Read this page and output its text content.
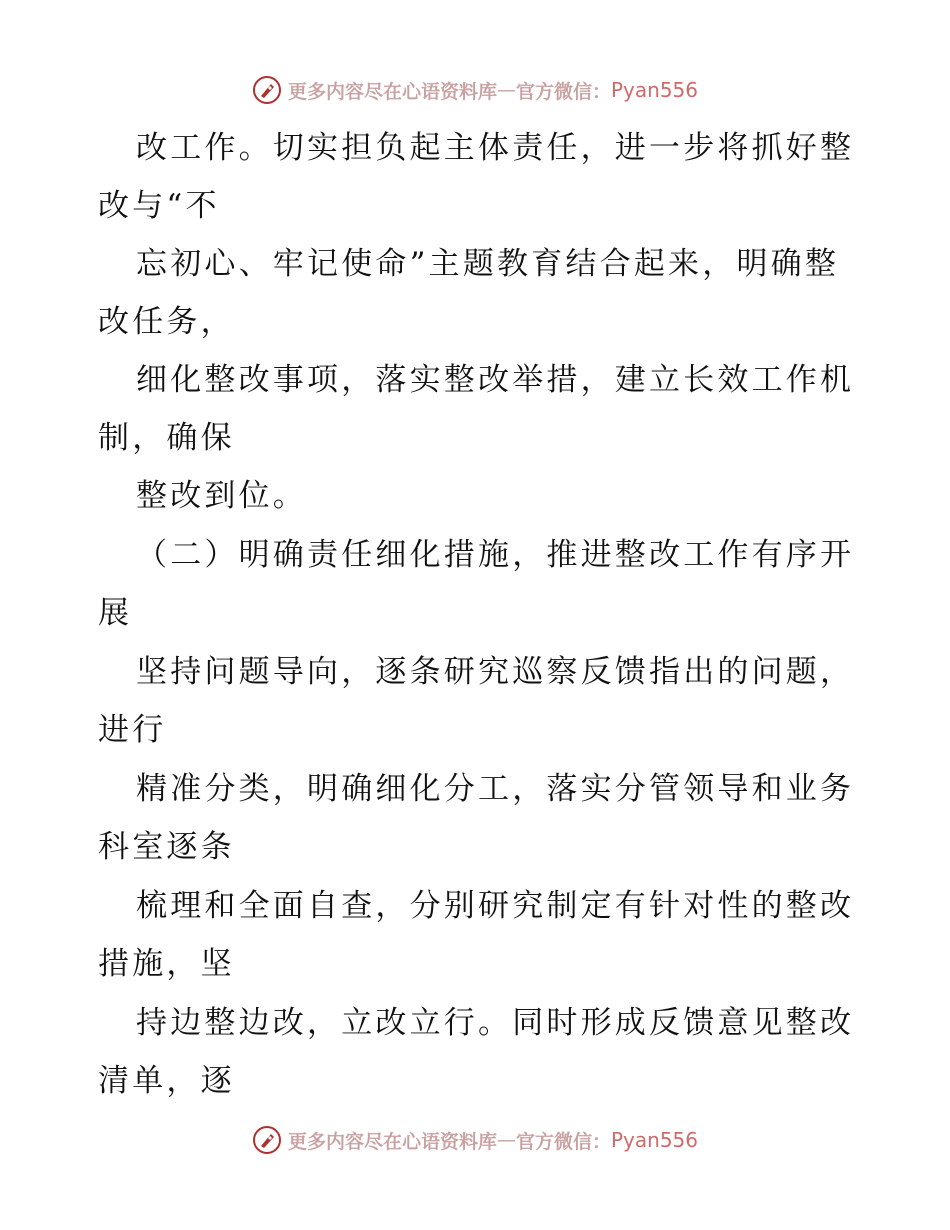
更多内容尽在心语资料库 — 官方微信： Pyan556
改工作。切实担负起主体责任，进一步将抓好整
改与“不
忘初心、牢记使命”主题教育结合起来，明确整
改任务，
细化整改事项，落实整改举措，建立长效工作机
制，确保
整改到位。
（二）明确责任细化措施，推进整改工作有序开
展
坚持问题导向，逐条研究巡察反馈指出的问题，
进行
精准分类，明确细化分工，落实分管领导和业务
科室逐条
梳理和全面自查，分别研究制定有针对性的整改
措施，坚
持边整边改，立改立行。同时形成反馈意见整改
清单，逐
更多内容尽在心语资料库 — 官方微信： Pyan556
